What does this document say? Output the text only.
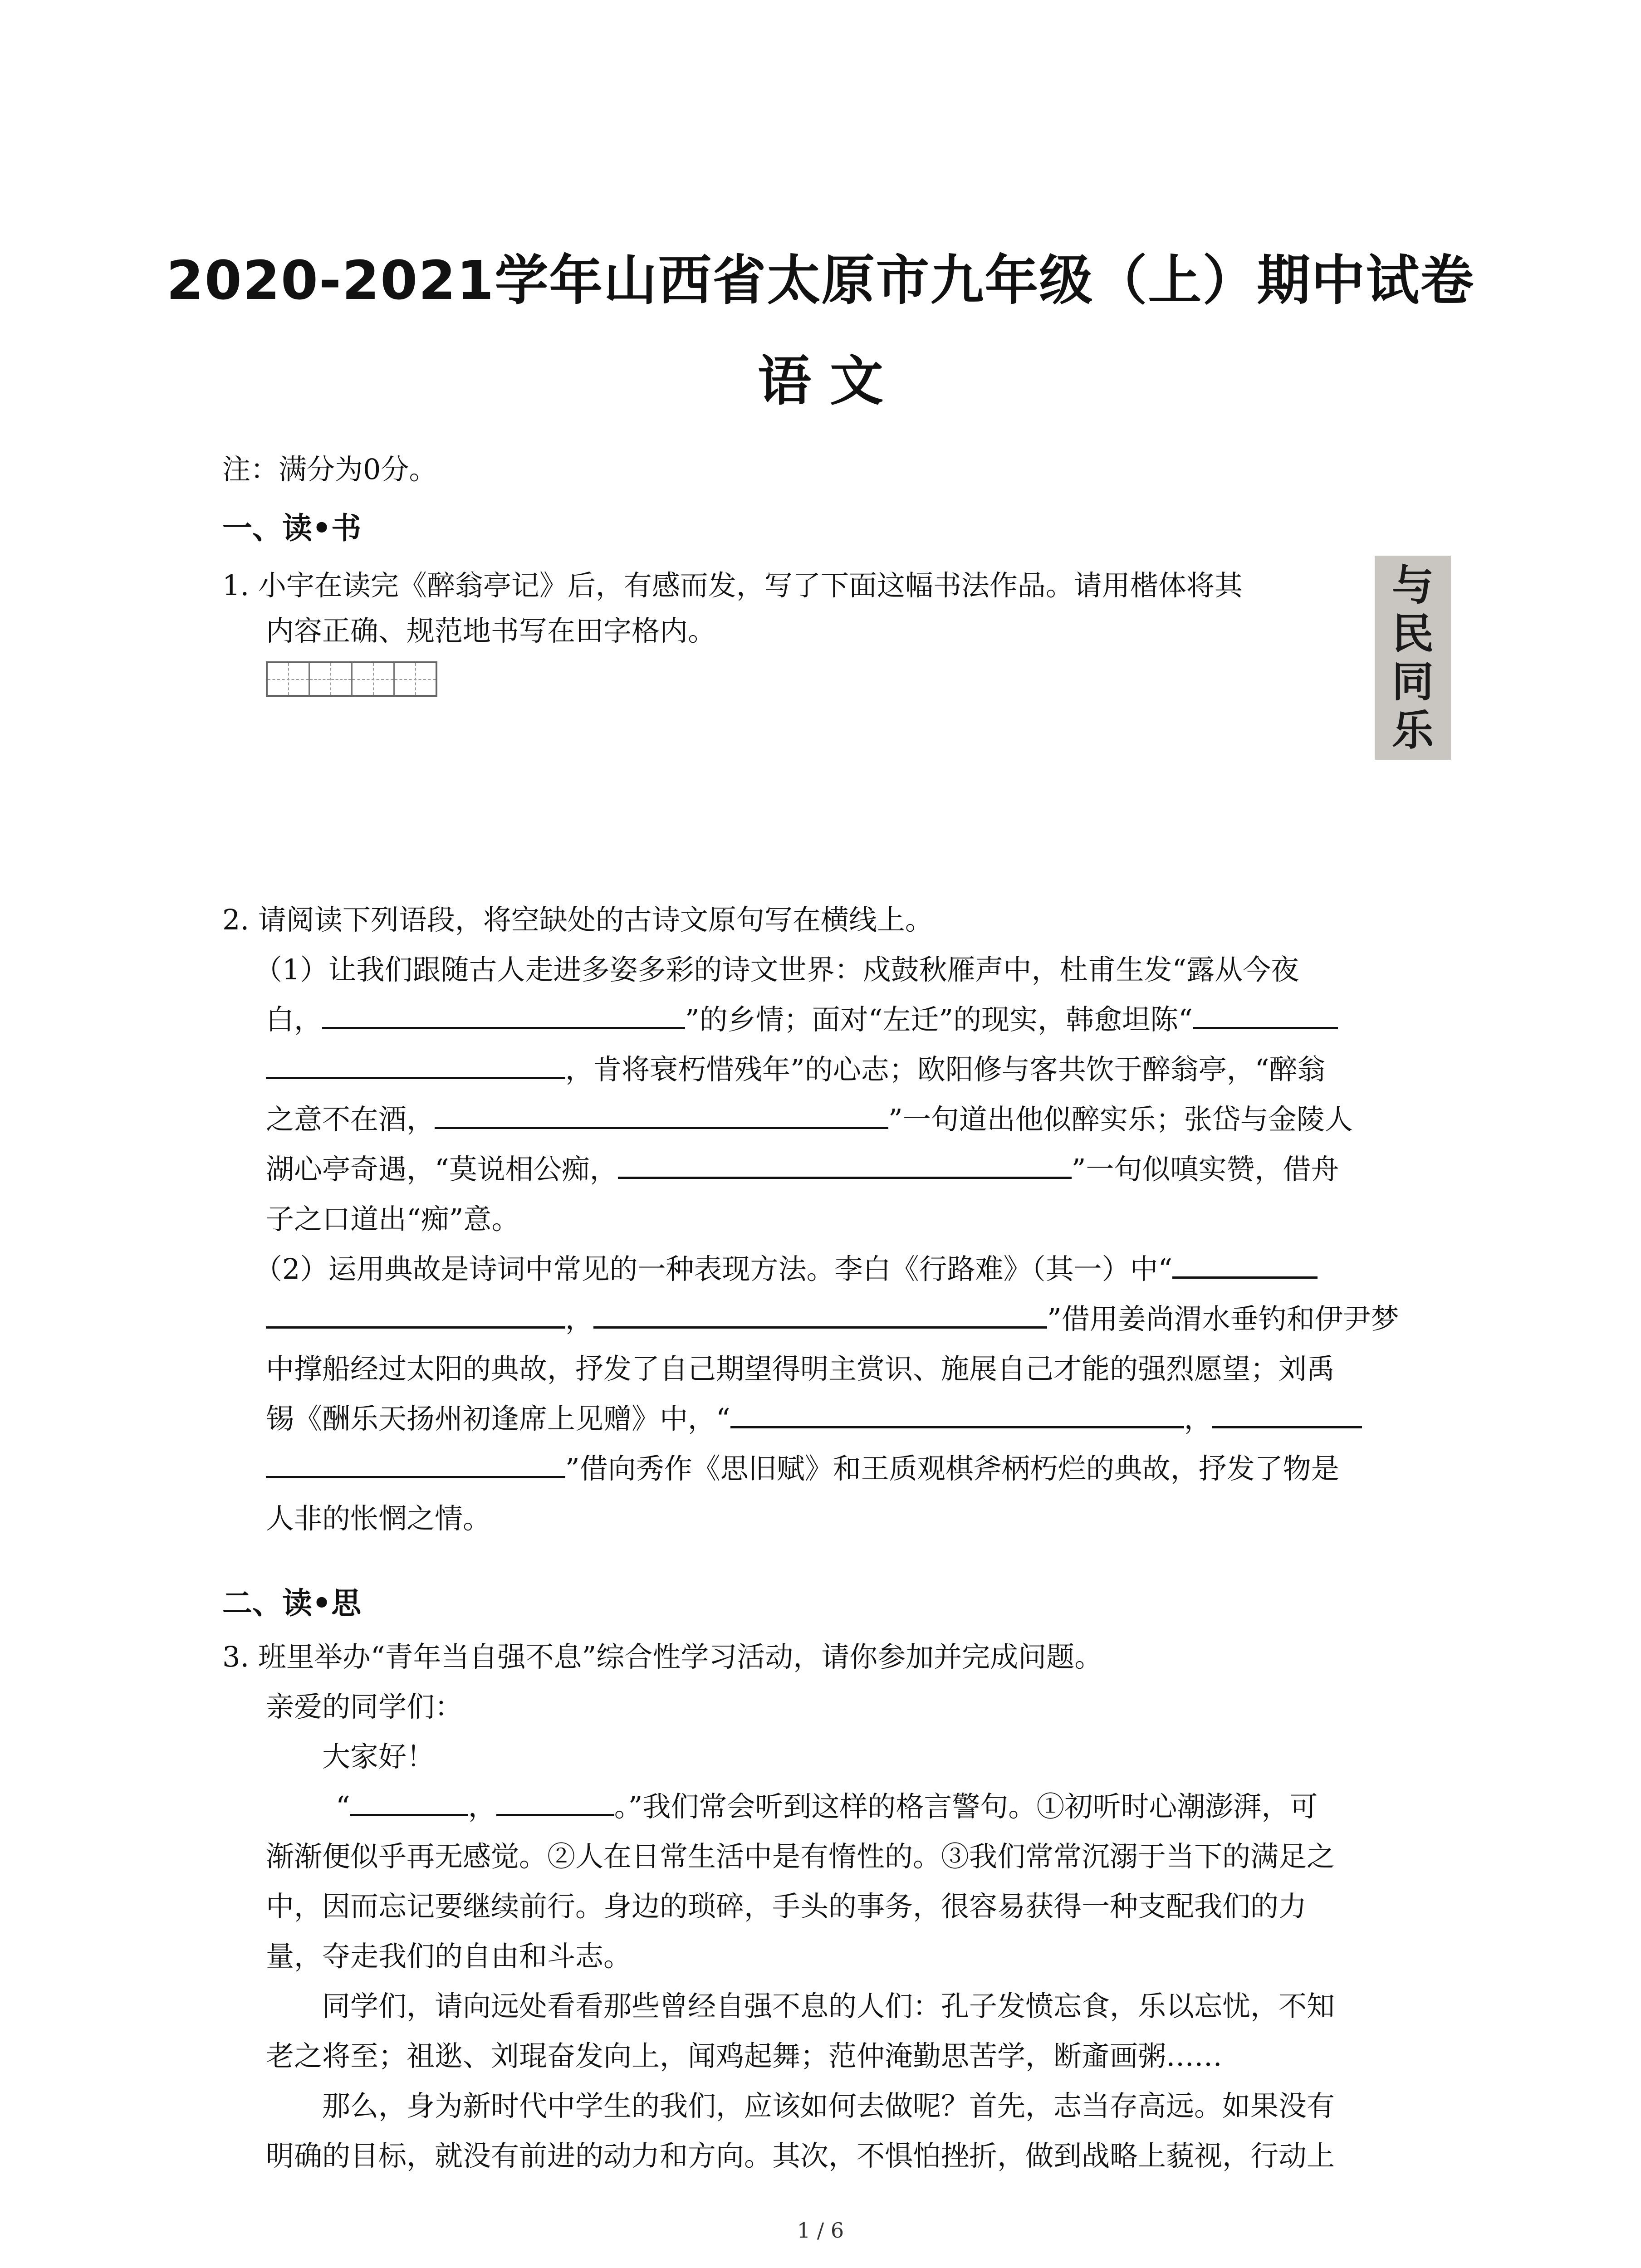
2020-2021学年山西省太原市九年级（上）期中试卷
语 文
注：满分为0分。
一、读•书
1. 小宇在读完《醉翁亭记》后，有感而发，写了下面这幅书法作品。请用楷体将其
内容正确、规范地书写在田字格内。
与
民
同
乐
2. 请阅读下列语段，将空缺处的古诗文原句写在横线上。
（1）让我们跟随古人走进多姿多彩的诗文世界：戍鼓秋雁声中，杜甫生发“露从今夜
白，	”的乡情；面对“左迁”的现实，韩愈坦陈“
，肯将衰朽惜残年”的心志；欧阳修与客共饮于醉翁亭，“醉翁
之意不在酒，	”一句道出他似醉实乐；张岱与金陵人
湖心亭奇遇，“莫说相公痴，	”一句似嗔实赞，借舟
子之口道出“痴”意。
（2）运用典故是诗词中常见的一种表现方法。李白《行路难》（其一）中“
，	”借用姜尚渭水垂钓和伊尹梦
中撑船经过太阳的典故，抒发了自己期望得明主赏识、施展自己才能的强烈愿望；刘禹
锡《酬乐天扬州初逢席上见赠》中，“	，
”借向秀作《思旧赋》和王质观棋斧柄朽烂的典故，抒发了物是
人非的怅惘之情。
二、读•思
3. 班里举办“青年当自强不息”综合性学习活动，请你参加并完成问题。
亲爱的同学们：
大家好！
“	，	。”我们常会听到这样的格言警句。①初听时心潮澎湃，可
渐渐便似乎再无感觉。②人在日常生活中是有惰性的。③我们常常沉溺于当下的满足之
中，因而忘记要继续前行。身边的琐碎，手头的事务，很容易获得一种支配我们的力
量，夺走我们的自由和斗志。
同学们，请向远处看看那些曾经自强不息的人们：孔子发愤忘食，乐以忘忧，不知
老之将至；祖逖、刘琨奋发向上，闻鸡起舞；范仲淹勤思苦学，断齑画粥……
那么，身为新时代中学生的我们，应该如何去做呢？首先，志当存高远。如果没有
明确的目标，就没有前进的动力和方向。其次，不惧怕挫折，做到战略上藐视，行动上
1 / 6
